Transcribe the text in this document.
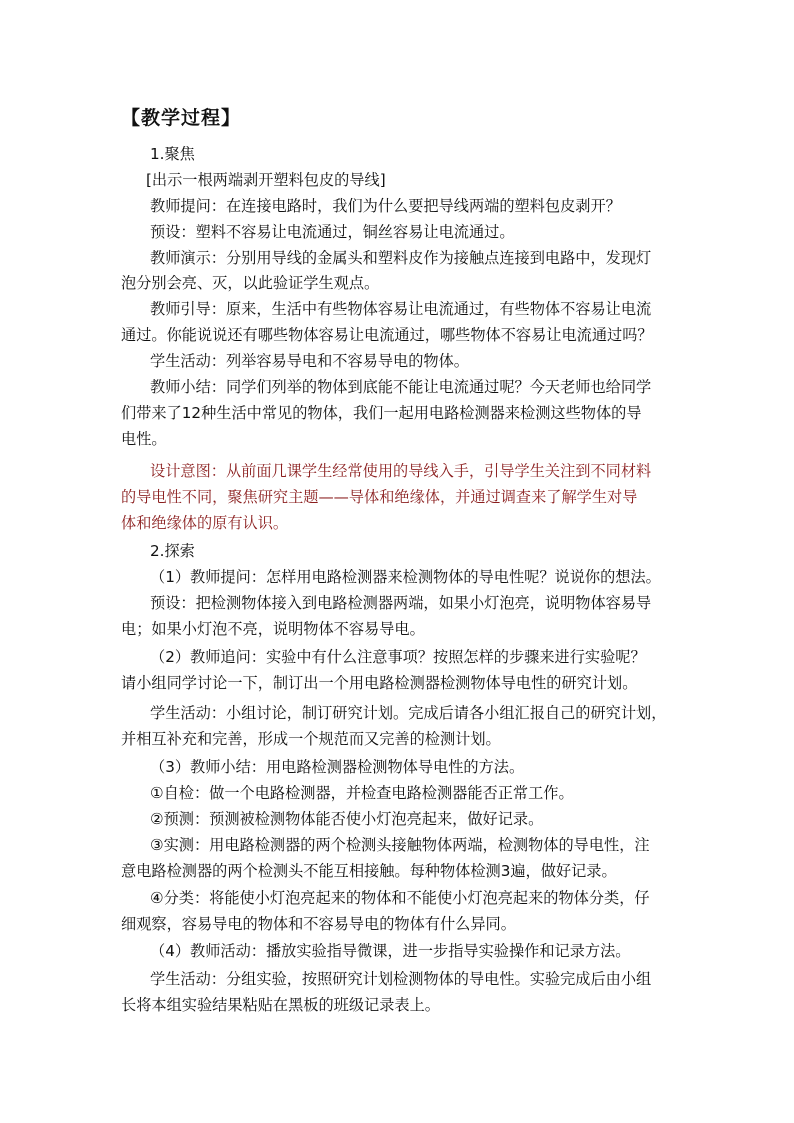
【教学过程】
1.聚焦
[出示一根两端剥开塑料包皮的导线]
教师提问：在连接电路时，我们为什么要把导线两端的塑料包皮剥开？
预设：塑料不容易让电流通过，铜丝容易让电流通过。
教师演示：分别用导线的金属头和塑料皮作为接触点连接到电路中，发现灯
泡分别会亮、灭，以此验证学生观点。
教师引导：原来，生活中有些物体容易让电流通过，有些物体不容易让电流
通过。你能说说还有哪些物体容易让电流通过，哪些物体不容易让电流通过吗？
学生活动：列举容易导电和不容易导电的物体。
教师小结：同学们列举的物体到底能不能让电流通过呢？今天老师也给同学
们带来了12种生活中常见的物体，我们一起用电路检测器来检测这些物体的导
电性。
设计意图：从前面几课学生经常使用的导线入手，引导学生关注到不同材料
的导电性不同，聚焦研究主题——导体和绝缘体，并通过调查来了解学生对导
体和绝缘体的原有认识。
2.探索
（1）教师提问：怎样用电路检测器来检测物体的导电性呢？说说你的想法。
预设：把检测物体接入到电路检测器两端，如果小灯泡亮，说明物体容易导
电；如果小灯泡不亮，说明物体不容易导电。
（2）教师追问：实验中有什么注意事项？按照怎样的步骤来进行实验呢？
请小组同学讨论一下，制订出一个用电路检测器检测物体导电性的研究计划。
学生活动：小组讨论，制订研究计划。完成后请各小组汇报自己的研究计划，
并相互补充和完善，形成一个规范而又完善的检测计划。
（3）教师小结：用电路检测器检测物体导电性的方法。
①自检：做一个电路检测器，并检查电路检测器能否正常工作。
②预测：预测被检测物体能否使小灯泡亮起来，做好记录。
③实测：用电路检测器的两个检测头接触物体两端，检测物体的导电性，注
意电路检测器的两个检测头不能互相接触。每种物体检测3遍，做好记录。
④分类：将能使小灯泡亮起来的物体和不能使小灯泡亮起来的物体分类，仔
细观察，容易导电的物体和不容易导电的物体有什么异同。
（4）教师活动：播放实验指导微课，进一步指导实验操作和记录方法。
学生活动：分组实验，按照研究计划检测物体的导电性。实验完成后由小组
长将本组实验结果粘贴在黑板的班级记录表上。
